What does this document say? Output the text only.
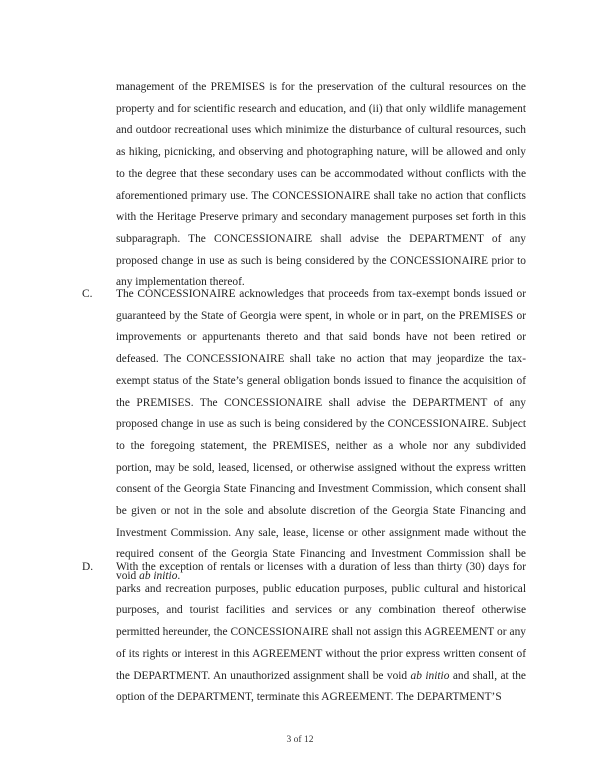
management of the PREMISES is for the preservation of the cultural resources on the property and for scientific research and education, and (ii) that only wildlife management and outdoor recreational uses which minimize the disturbance of cultural resources, such as hiking, picnicking, and observing and photographing nature, will be allowed and only to the degree that these secondary uses can be accommodated without conflicts with the aforementioned primary use. The CONCESSIONAIRE shall take no action that conflicts with the Heritage Preserve primary and secondary management purposes set forth in this subparagraph. The CONCESSIONAIRE shall advise the DEPARTMENT of any proposed change in use as such is being considered by the CONCESSIONAIRE prior to any implementation thereof.

C. The CONCESSIONAIRE acknowledges that proceeds from tax-exempt bonds issued or guaranteed by the State of Georgia were spent, in whole or in part, on the PREMISES or improvements or appurtenants thereto and that said bonds have not been retired or defeased. The CONCESSIONAIRE shall take no action that may jeopardize the tax-exempt status of the State’s general obligation bonds issued to finance the acquisition of the PREMISES. The CONCESSIONAIRE shall advise the DEPARTMENT of any proposed change in use as such is being considered by the CONCESSIONAIRE. Subject to the foregoing statement, the PREMISES, neither as a whole nor any subdivided portion, may be sold, leased, licensed, or otherwise assigned without the express written consent of the Georgia State Financing and Investment Commission, which consent shall be given or not in the sole and absolute discretion of the Georgia State Financing and Investment Commission. Any sale, lease, license or other assignment made without the required consent of the Georgia State Financing and Investment Commission shall be void ab initio.

D. With the exception of rentals or licenses with a duration of less than thirty (30) days for parks and recreation purposes, public education purposes, public cultural and historical purposes, and tourist facilities and services or any combination thereof otherwise permitted hereunder, the CONCESSIONAIRE shall not assign this AGREEMENT or any of its rights or interest in this AGREEMENT without the prior express written consent of the DEPARTMENT. An unauthorized assignment shall be void ab initio and shall, at the option of the DEPARTMENT, terminate this AGREEMENT. The DEPARTMENT’S

3 of 12
